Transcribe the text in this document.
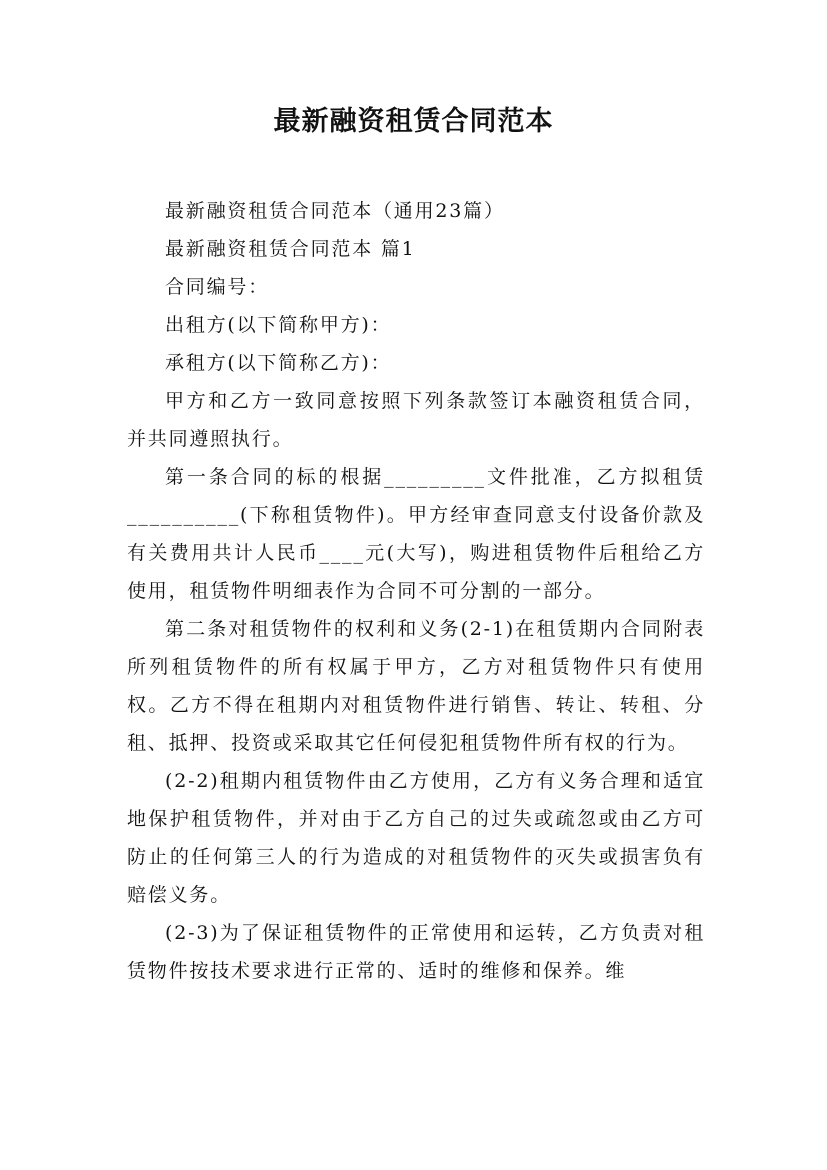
最新融资租赁合同范本
最新融资租赁合同范本（通用23篇）
最新融资租赁合同范本 篇1
合同编号：
出租方(以下简称甲方)：
承租方(以下简称乙方)：

甲方和乙方一致同意按照下列条款签订本融资租赁合同，并共同遵照执行。

第一条合同的标的根据_________文件批准，乙方拟租赁__________(下称租赁物件)。甲方经审查同意支付设备价款及有关费用共计人民币____元(大写)，购进租赁物件后租给乙方使用，租赁物件明细表作为合同不可分割的一部分。

第二条对租赁物件的权利和义务(2-1)在租赁期内合同附表所列租赁物件的所有权属于甲方，乙方对租赁物件只有使用权。乙方不得在租期内对租赁物件进行销售、转让、转租、分租、抵押、投资或采取其它任何侵犯租赁物件所有权的行为。

(2-2)租期内租赁物件由乙方使用，乙方有义务合理和适宜地保护租赁物件，并对由于乙方自己的过失或疏忽或由乙方可防止的任何第三人的行为造成的对租赁物件的灭失或损害负有赔偿义务。

(2-3)为了保证租赁物件的正常使用和运转，乙方负责对租赁物件按技术要求进行正常的、适时的维修和保养。维
